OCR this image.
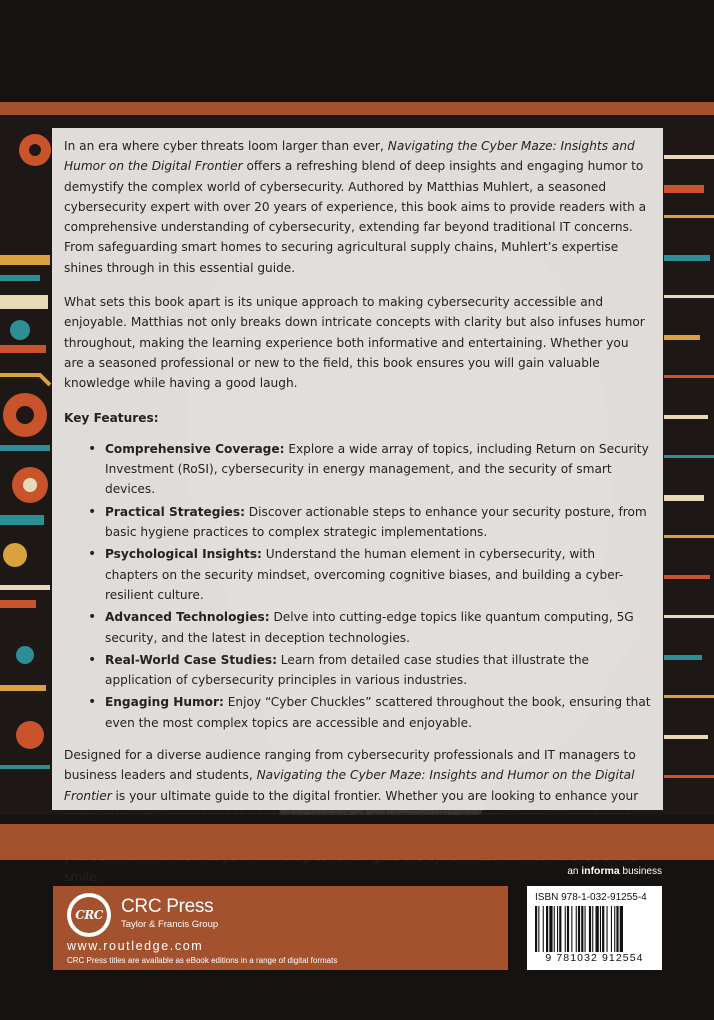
In an era where cyber threats loom larger than ever, Navigating the Cyber Maze: Insights and Humor on the Digital Frontier offers a refreshing blend of deep insights and engaging humor to demystify the complex world of cybersecurity. Authored by Matthias Muhlert, a seasoned cybersecurity expert with over 20 years of experience, this book aims to provide readers with a comprehensive understanding of cybersecurity, extending far beyond traditional IT concerns. From safeguarding smart homes to securing agricultural supply chains, Muhlert’s expertise shines through in this essential guide.

What sets this book apart is its unique approach to making cybersecurity accessible and enjoyable. Matthias not only breaks down intricate concepts with clarity but also infuses humor throughout, making the learning experience both informative and entertaining. Whether you are a seasoned professional or new to the field, this book ensures you will gain valuable knowledge while having a good laugh.

Key Features:

• Comprehensive Coverage: Explore a wide array of topics, including Return on Security Investment (RoSI), cybersecurity in energy management, and the security of smart devices.
• Practical Strategies: Discover actionable steps to enhance your security posture, from basic hygiene practices to complex strategic implementations.
• Psychological Insights: Understand the human element in cybersecurity, with chapters on the security mindset, overcoming cognitive biases, and building a cyber-resilient culture.
• Advanced Technologies: Delve into cutting-edge topics like quantum computing, 5G security, and the latest in deception technologies.
• Real-World Case Studies: Learn from detailed case studies that illustrate the application of cybersecurity principles in various industries.
• Engaging Humor: Enjoy “Cyber Chuckles” scattered throughout the book, ensuring that even the most complex topics are accessible and enjoyable.

Designed for a diverse audience ranging from cybersecurity professionals and IT managers to business leaders and students, Navigating the Cyber Maze: Insights and Humor on the Digital Frontier is your ultimate guide to the digital frontier. Whether you are looking to enhance your smile.	an informa business
CRC CRC Press
Taylor & Francis Group
www.routledge.com
CRC Press titles are available as eBook editions in a range of digital formats
ISBN 978-1-032-91255-4
9 781032 912554
